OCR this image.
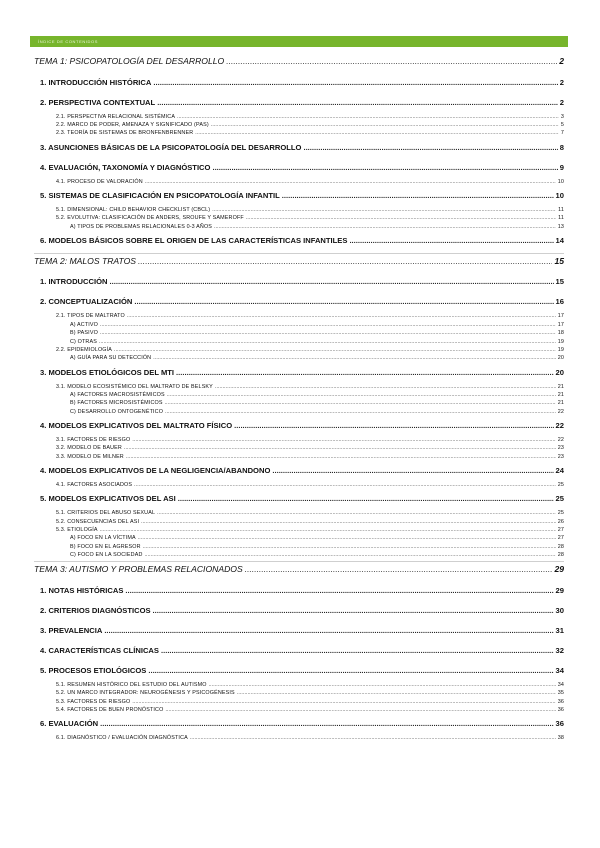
ÍNDICE DE CONTENIDOS
TEMA 1: PSICOPATOLOGÍA DEL DESARROLLO .....	2
1. INTRODUCCIÓN HISTÓRICA .....	2
2. PERSPECTIVA CONTEXTUAL .....	2
2.1. PERSPECTIVA RELACIONAL SISTÉMICA .....	3
2.2. MARCO DE PODER, AMENAZA Y SIGNIFICADO (PAS) .....	5
2.3. TEORÍA DE SISTEMAS DE BRONFENBRENNER .....	7
3. ASUNCIONES BÁSICAS DE LA PSICOPATOLOGÍA DEL DESARROLLO .....	8
4. EVALUACIÓN, TAXONOMÍA Y DIAGNÓSTICO .....	9
4.1. PROCESO DE VALORACIÓN .....	10
5. SISTEMAS DE CLASIFICACIÓN EN PSICOPATOLOGÍA INFANTIL .....	10
5.1. DIMENSIONAL: CHILD BEHAVIOR CHECKLIST (CBCL) .....	11
5.2. EVOLUTIVA: CLASIFICACIÓN DE ANDERS, SROUFE Y SAMEROFF .....	11
A) TIPOS DE PROBLEMAS RELACIONALES 0-3 AÑOS .....	13
6. MODELOS BÁSICOS SOBRE EL ORIGEN DE LAS CARACTERÍSTICAS INFANTILES .....	14
TEMA 2: MALOS TRATOS .....	15
1. INTRODUCCIÓN .....	15
2. CONCEPTUALIZACIÓN .....	16
2.1. TIPOS DE MALTRATO .....	17
A) ACTIVO .....	17
B) PASIVO .....	18
C) OTRAS .....	19
2.2. EPIDEMIOLOGÍA .....	19
A) GUÍA PARA SU DETECCIÓN .....	20
3. MODELOS ETIOLÓGICOS DEL MTI .....	20
3.1. MODELO ECOSISTÉMICO DEL MALTRATO DE BELSKY .....	21
A) FACTORES MACROSISTÉMICOS .....	21
B) FACTORES MICROSISTÉMICOS .....	21
C) DESARROLLO ONTOGENÉTICO .....	22
4. MODELOS EXPLICATIVOS DEL MALTRATO FÍSICO .....	22
3.1. FACTORES DE RIESGO .....	22
3.2. MODELO DE BAUER .....	23
3.3. MODELO DE MILNER .....	23
4. MODELOS EXPLICATIVOS DE LA NEGLIGENCIA/ABANDONO .....	24
4.1. FACTORES ASOCIADOS .....	25
5. MODELOS EXPLICATIVOS DEL ASI .....	25
5.1. CRITERIOS DEL ABUSO SEXUAL .....	25
5.2. CONSECUENCIAS DEL ASI .....	26
5.3. ETIOLOGÍA .....	27
A) FOCO EN LA VÍCTIMA .....	27
B) FOCO EN EL AGRESOR .....	28
C) FOCO EN LA SOCIEDAD .....	28
TEMA 3: AUTISMO Y PROBLEMAS RELACIONADOS .....	29
1. NOTAS HISTÓRICAS .....	29
2. CRITERIOS DIAGNÓSTICOS .....	30
3. PREVALENCIA .....	31
4. CARACTERÍSTICAS CLÍNICAS .....	32
5. PROCESOS ETIOLÓGICOS .....	34
5.1. RESUMEN HISTÓRICO DEL ESTUDIO DEL AUTISMO .....	34
5.2. UN MARCO INTEGRADOR: NEUROGÉNESIS Y PSICOGÉNESIS .....	35
5.3. FACTORES DE RIESGO .....	36
5.4. FACTORES DE BUEN PRONÓSTICO .....	36
6. EVALUACIÓN .....	36
6.1. DIAGNÓSTICO / EVALUACIÓN DIAGNÓSTICA .....	38
